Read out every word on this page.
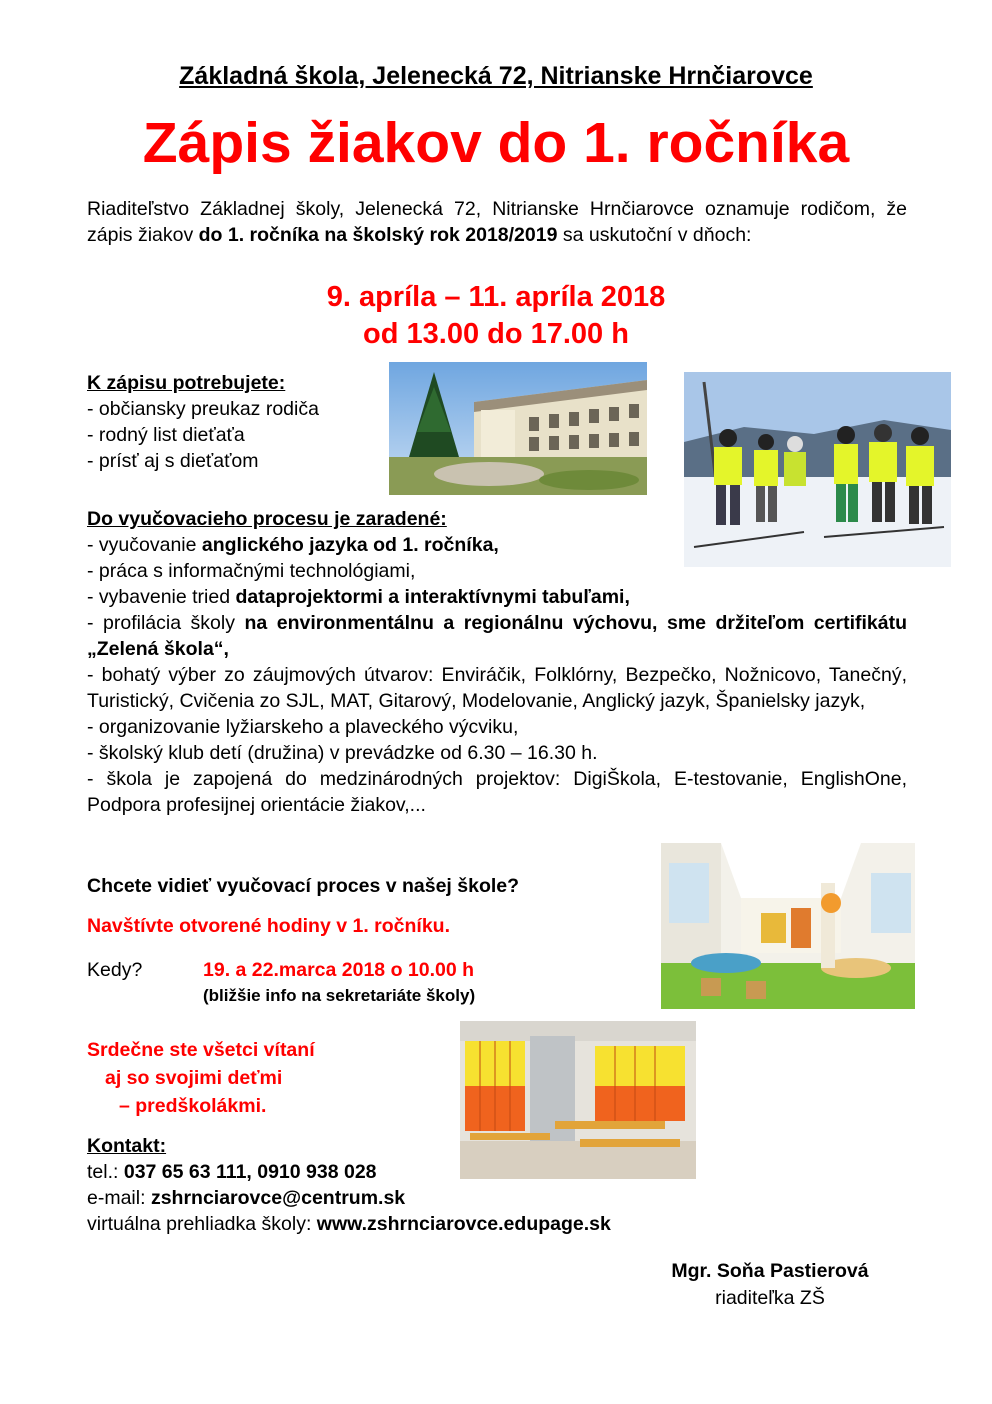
Základná škola, Jelenecká 72, Nitrianske Hrnčiarovce
Zápis žiakov do 1. ročníka
Riaditeľstvo Základnej školy, Jelenecká 72, Nitrianske Hrnčiarovce oznamuje rodičom, že zápis žiakov do 1. ročníka na školský rok 2018/2019 sa uskutoční v dňoch:
9. apríla – 11. apríla 2018
od 13.00 do 17.00 h
K zápisu potrebujete:
- občiansky preukaz rodiča
- rodný list dieťaťa
- prísť aj s dieťaťom
Do vyučovacieho procesu je zaradené:
- vyučovanie anglického jazyka od 1. ročníka,
- práca s informačnými technológiami,
- vybavenie tried dataprojektormi a interaktívnymi tabuľami,
- profilácia školy na environmentálnu a regionálnu výchovu, sme držiteľom certifikátu „Zelená škola“,
- bohatý výber zo záujmových útvarov: Enviráčik, Folklórny, Bezpečko, Nožnicovo, Tanečný, Turistický, Cvičenia zo SJL, MAT, Gitarový, Modelovanie, Anglický jazyk, Španielsky jazyk,
- organizovanie lyžiarskeho a plaveckého výcviku,
- školský klub detí (družina) v prevádzke od 6.30 – 16.30 h.
- škola je zapojená do medzinárodných projektov: DigiŠkola, E-testovanie, EnglishOne, Podpora profesijnej orientácie žiakov,...
Chcete vidieť vyučovací proces v našej škole?
Navštívte otvorené hodiny v 1. ročníku.
Kedy?	19. a 22.marca 2018 o 10.00 h
(bližšie info na sekretariáte školy)
Srdečne ste všetci vítaní
aj so svojimi deťmi
– predškolákmi.
Kontakt:
tel.: 037 65 63 111, 0910 938 028
e-mail: zshrnciarovce@centrum.sk
virtuálna prehliadka školy: www.zshrnciarovce.edupage.sk
Mgr. Soňa Pastierová
riaditeľka ZŠ
